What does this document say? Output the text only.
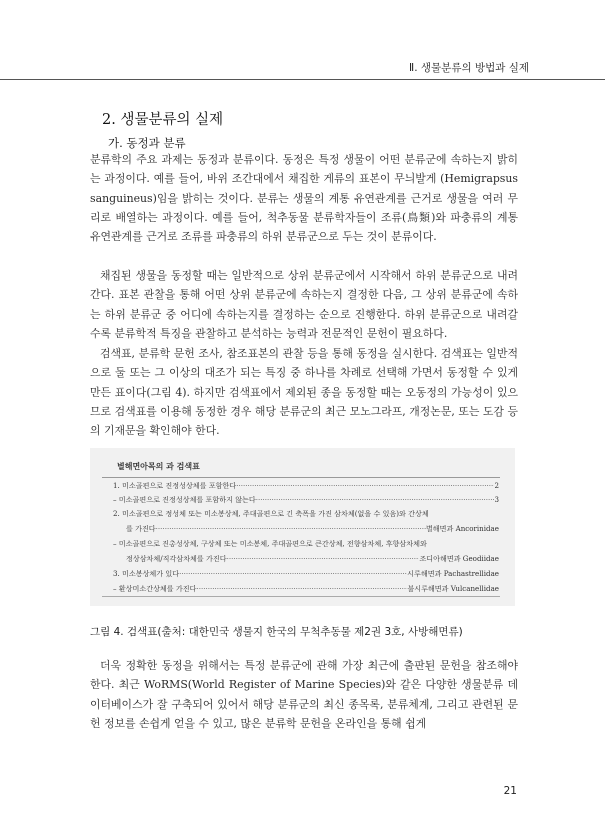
Ⅱ. 생물분류의 방법과 실제
2. 생물분류의 실제
가. 동정과 분류

분류학의 주요 과제는 동정과 분류이다. 동정은 특정 생물이 어떤 분류군에 속하는지 밝히는 과정이다. 예를 들어, 바위 조간대에서 채집한 게류의 표본이 무늬발게 (Hemigrapsus sanguineus)임을 밝히는 것이다. 분류는 생물의 계통 유연관계를 근거로 생물을 여러 무리로 배열하는 과정이다. 예를 들어, 척추동물 분류학자들이 조류(鳥類)와 파충류의 계통 유연관계를 근거로 조류를 파충류의 하위 분류군으로 두는 것이 분류이다.

채집된 생물을 동정할 때는 일반적으로 상위 분류군에서 시작해서 하위 분류군으로 내려간다. 표본 관찰을 통해 어떤 상위 분류군에 속하는지 결정한 다음, 그 상위 분류군에 속하는 하위 분류군 중 어디에 속하는지를 결정하는 순으로 진행한다. 하위 분류군으로 내려갈수록 분류학적 특징을 관찰하고 분석하는 능력과 전문적인 문헌이 필요하다.

검색표, 분류학 문헌 조사, 참조표본의 관찰 등을 통해 동정을 실시한다. 검색표는 일반적으로 둘 또는 그 이상의 대조가 되는 특징 중 하나를 차례로 선택해 가면서 동정할 수 있게 만든 표이다(그림 4). 하지만 검색표에서 제외된 종을 동정할 때는 오동정의 가능성이 있으므로 검색표를 이용해 동정한 경우 해당 분류군의 최근 모노그라프, 개정논문, 또는 도감 등의 기재문을 확인해야 한다.

별해면아목의 과 검색표
1. 미소골편으로 진정성상체를 포함한다 ·····	2
– 미소골편으로 진정성상체를 포함하지 않는다 ·····	3
2. 미소골편으로 정성체 또는 미소봉상체, 주대골편으로 긴 축폭을 가진 삼차체(없을 수 있음)와 간상체
를 가진다 ·····	별해면과 Ancorinidae
– 미소골편으로 진총성상체, 구상체 또는 미소봉체, 주대골편으로 큰간상체, 전향삼차체, 후향삼차체와
정상삼차체/직각삼차체를 가진다 ·····	조디아해면과 Geodiidae
3. 미소봉상체가 있다 ·····	시루해면과 Pachastrellidae
– 환상미소간상체를 가진다 ·····	불시루해면과 Vulcanellidae
그림 4. 검색표(출처: 대한민국 생물지 한국의 무척추동물 제2권 3호, 사방해면류)

더욱 정확한 동정을 위해서는 특정 분류군에 관해 가장 최근에 출판된 문헌을 참조해야 한다. 최근 WoRMS(World Register of Marine Species)와 같은 다양한 생물분류 데이터베이스가 잘 구축되어 있어서 해당 분류군의 최신 종목록, 분류체계, 그리고 관련된 문헌 정보를 손쉽게 얻을 수 있고, 많은 분류학 문헌을 온라인을 통해 쉽게

21
